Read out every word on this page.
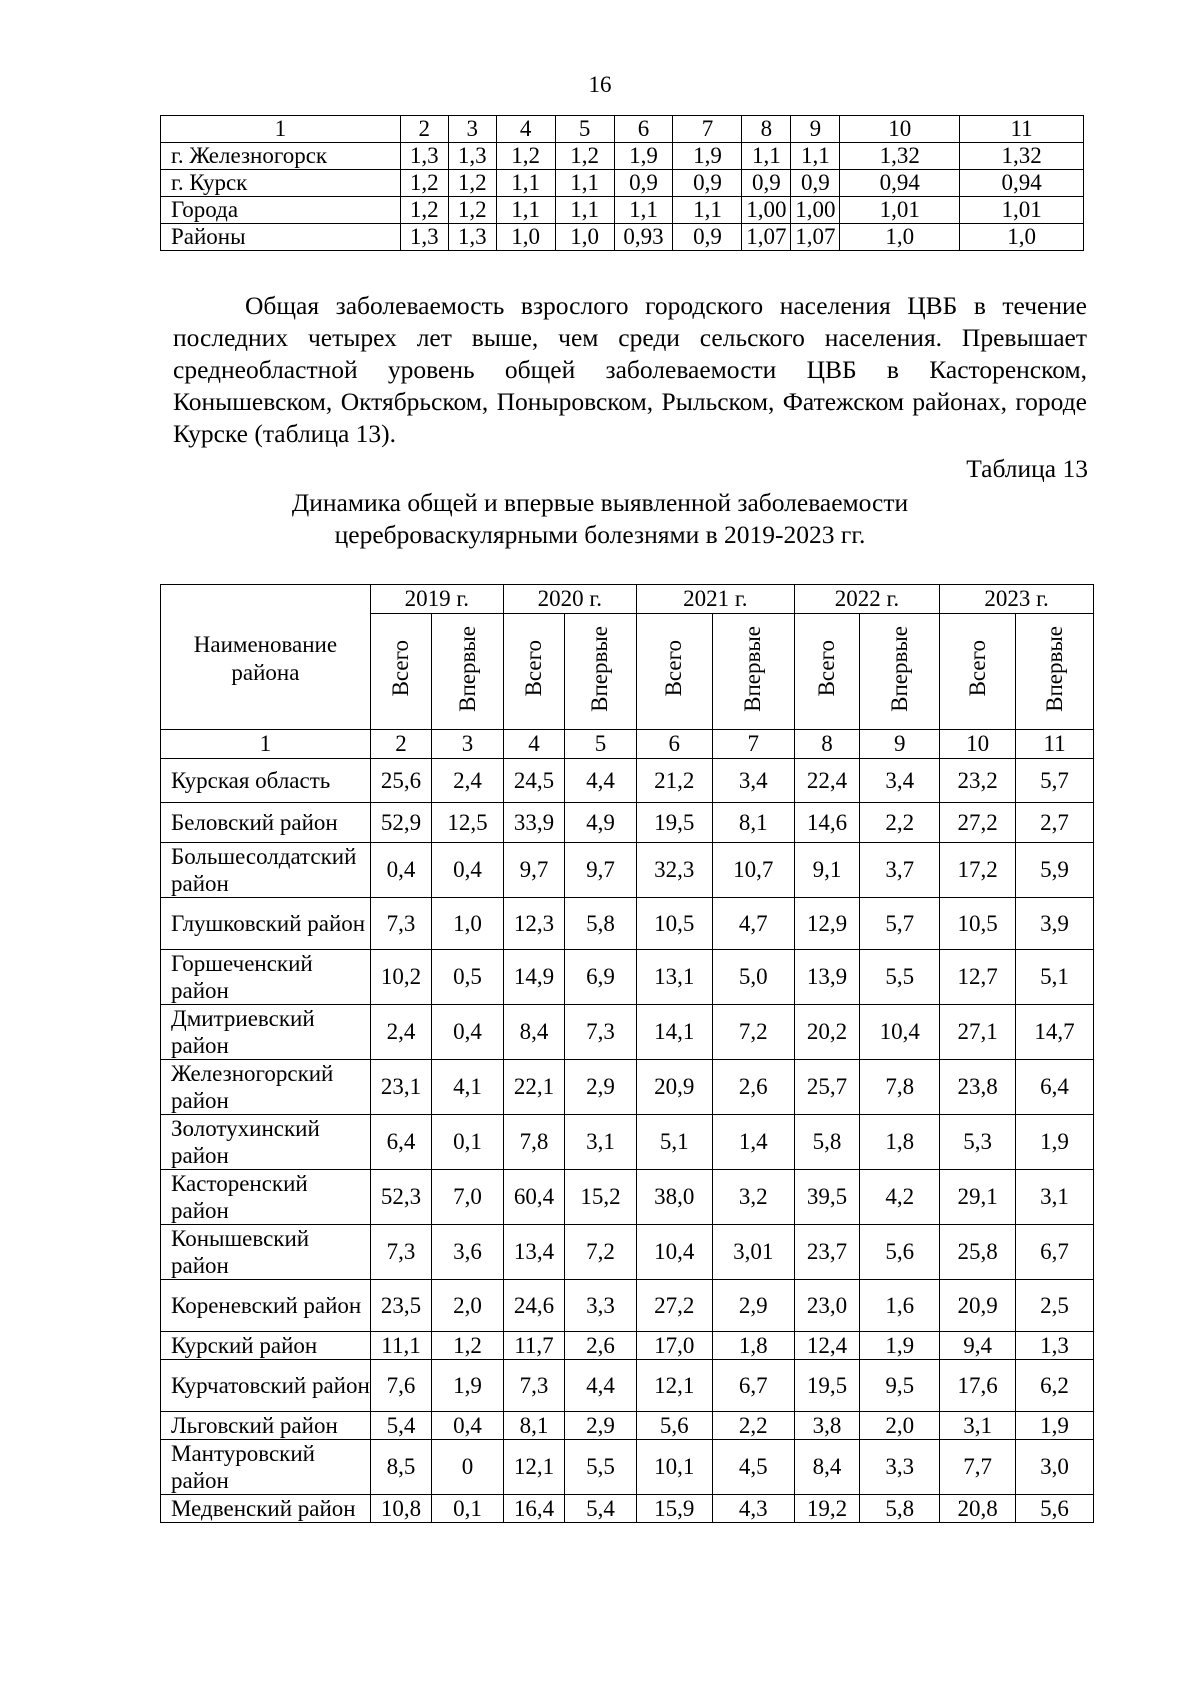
16
1	2	3	4	5	6	7	8	9	10	11
г. Железногорск	1,3	1,3	1,2	1,2	1,9	1,9	1,1	1,1	1,32	1,32
г. Курск	1,2	1,2	1,1	1,1	0,9	0,9	0,9	0,9	0,94	0,94
Города	1,2	1,2	1,1	1,1	1,1	1,1	1,00	1,00	1,01	1,01
Районы	1,3	1,3	1,0	1,0	0,93	0,9	1,07	1,07	1,0	1,0

Общая заболеваемость взрослого городского населения ЦВБ в течение последних четырех лет выше, чем среди сельского населения. Превышает среднеобластной уровень общей заболеваемости ЦВБ в Касторенском, Конышевском, Октябрьском, Поныровском, Рыльском, Фатежском районах, городе Курске (таблица 13).

Таблица 13
Динамика общей и впервые выявленной заболеваемости
цереброваскулярными болезнями в 2019-2023 гг.
Наименование района	2019 г.		2020 г.		2021 г.		2022 г.		2023 г.	
	Всего	Впервые	Всего	Впервые	Всего	Впервые	Всего	Впервые	Всего	Впервые
1	2	3	4	5	6	7	8	9	10	11
Курская область	25,6	2,4	24,5	4,4	21,2	3,4	22,4	3,4	23,2	5,7
Беловский район	52,9	12,5	33,9	4,9	19,5	8,1	14,6	2,2	27,2	2,7
Большесолдатский район	0,4	0,4	9,7	9,7	32,3	10,7	9,1	3,7	17,2	5,9
Глушковский район	7,3	1,0	12,3	5,8	10,5	4,7	12,9	5,7	10,5	3,9
Горшеченский район	10,2	0,5	14,9	6,9	13,1	5,0	13,9	5,5	12,7	5,1
Дмитриевский район	2,4	0,4	8,4	7,3	14,1	7,2	20,2	10,4	27,1	14,7
Железногорский район	23,1	4,1	22,1	2,9	20,9	2,6	25,7	7,8	23,8	6,4
Золотухинский район	6,4	0,1	7,8	3,1	5,1	1,4	5,8	1,8	5,3	1,9
Касторенский район	52,3	7,0	60,4	15,2	38,0	3,2	39,5	4,2	29,1	3,1
Конышевский район	7,3	3,6	13,4	7,2	10,4	3,01	23,7	5,6	25,8	6,7
Кореневский район	23,5	2,0	24,6	3,3	27,2	2,9	23,0	1,6	20,9	2,5
Курский район	11,1	1,2	11,7	2,6	17,0	1,8	12,4	1,9	9,4	1,3
Курчатовский район	7,6	1,9	7,3	4,4	12,1	6,7	19,5	9,5	17,6	6,2
Льговский район	5,4	0,4	8,1	2,9	5,6	2,2	3,8	2,0	3,1	1,9
Мантуровский район	8,5	0	12,1	5,5	10,1	4,5	8,4	3,3	7,7	3,0
Медвенский район	10,8	0,1	16,4	5,4	15,9	4,3	19,2	5,8	20,8	5,6
